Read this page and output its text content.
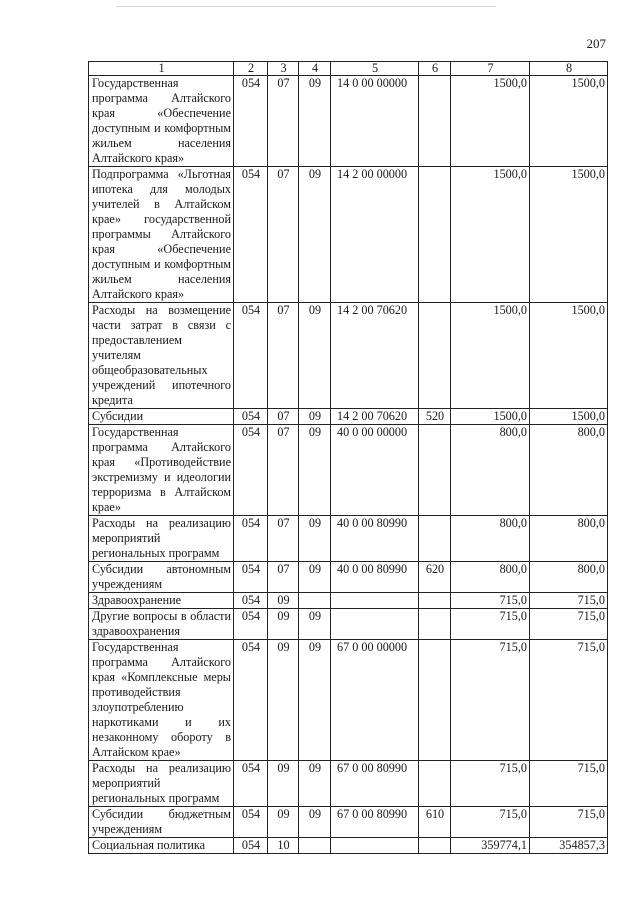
207
1	2	3	4	5	6	7	8
Государственная программа Алтайского края «Обеспечение доступным и комфортным жильем населения Алтайского края»	054	07	09	14 0 00 00000		1500,0	1500,0
Подпрограмма «Льготная ипотека для молодых учителей в Алтайском крае» государственной программы Алтайского края «Обеспечение доступным и комфортным жильем населения Алтайского края»	054	07	09	14 2 00 00000		1500,0	1500,0
Расходы на возмещение части затрат в связи с предоставлением учителям общеобразовательных учреждений ипотечного кредита	054	07	09	14 2 00 70620		1500,0	1500,0
Субсидии	054	07	09	14 2 00 70620	520	1500,0	1500,0
Государственная программа Алтайского края «Противодействие экстремизму и идеологии терроризма в Алтайском крае»	054	07	09	40 0 00 00000		800,0	800,0
Расходы на реализацию мероприятий региональных программ	054	07	09	40 0 00 80990		800,0	800,0
Субсидии автономным учреждениям	054	07	09	40 0 00 80990	620	800,0	800,0
Здравоохранение	054	09				715,0	715,0
Другие вопросы в области здравоохранения	054	09	09			715,0	715,0
Государственная программа Алтайского края «Комплексные меры противодействия злоупотреблению наркотиками и их незаконному обороту в Алтайском крае»	054	09	09	67 0 00 00000		715,0	715,0
Расходы на реализацию мероприятий региональных программ	054	09	09	67 0 00 80990		715,0	715,0
Субсидии бюджетным учреждениям	054	09	09	67 0 00 80990	610	715,0	715,0
Социальная политика	054	10				359774,1	354857,3
